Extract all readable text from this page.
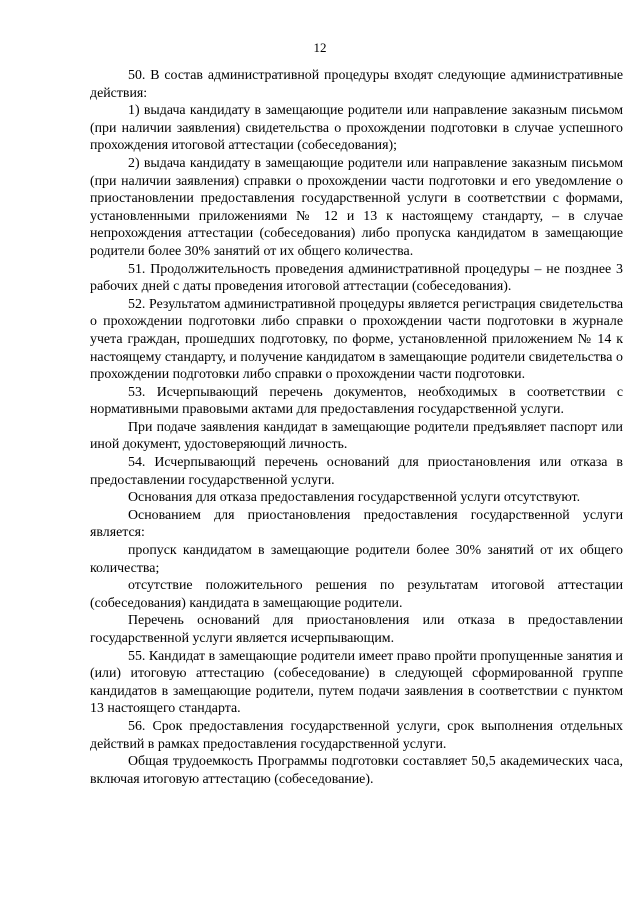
12

50. В состав административной процедуры входят следующие административные действия:

1) выдача кандидату в замещающие родители или направление заказным письмом (при наличии заявления) свидетельства о прохождении подготовки в случае успешного прохождения итоговой аттестации (собеседования);

2) выдача кандидату в замещающие родители или направление заказным письмом (при наличии заявления) справки о прохождении части подготовки и его уведомление о приостановлении предоставления государственной услуги в соответствии с формами, установленными приложениями № 12 и 13 к настоящему стандарту, – в случае непрохождения аттестации (собеседования) либо пропуска кандидатом в замещающие родители более 30% занятий от их общего количества.

51. Продолжительность проведения административной процедуры – не позднее 3 рабочих дней с даты проведения итоговой аттестации (собеседования).

52. Результатом административной процедуры является регистрация свидетельства о прохождении подготовки либо справки о прохождении части подготовки в журнале учета граждан, прошедших подготовку, по форме, установленной приложением № 14 к настоящему стандарту, и получение кандидатом в замещающие родители свидетельства о прохождении подготовки либо справки о прохождении части подготовки.

53. Исчерпывающий перечень документов, необходимых в соответствии с нормативными правовыми актами для предоставления государственной услуги.

При подаче заявления кандидат в замещающие родители предъявляет паспорт или иной документ, удостоверяющий личность.

54. Исчерпывающий перечень оснований для приостановления или отказа в предоставлении государственной услуги.

Основания для отказа предоставления государственной услуги отсутствуют.

Основанием для приостановления предоставления государственной услуги является:

пропуск кандидатом в замещающие родители более 30% занятий от их общего количества;

отсутствие положительного решения по результатам итоговой аттестации (собеседования) кандидата в замещающие родители.

Перечень оснований для приостановления или отказа в предоставлении государственной услуги является исчерпывающим.

55. Кандидат в замещающие родители имеет право пройти пропущенные занятия и (или) итоговую аттестацию (собеседование) в следующей сформированной группе кандидатов в замещающие родители, путем подачи заявления в соответствии с пунктом 13 настоящего стандарта.

56. Срок предоставления государственной услуги, срок выполнения отдельных действий в рамках предоставления государственной услуги.

Общая трудоемкость Программы подготовки составляет 50,5 академических часа, включая итоговую аттестацию (собеседование).
